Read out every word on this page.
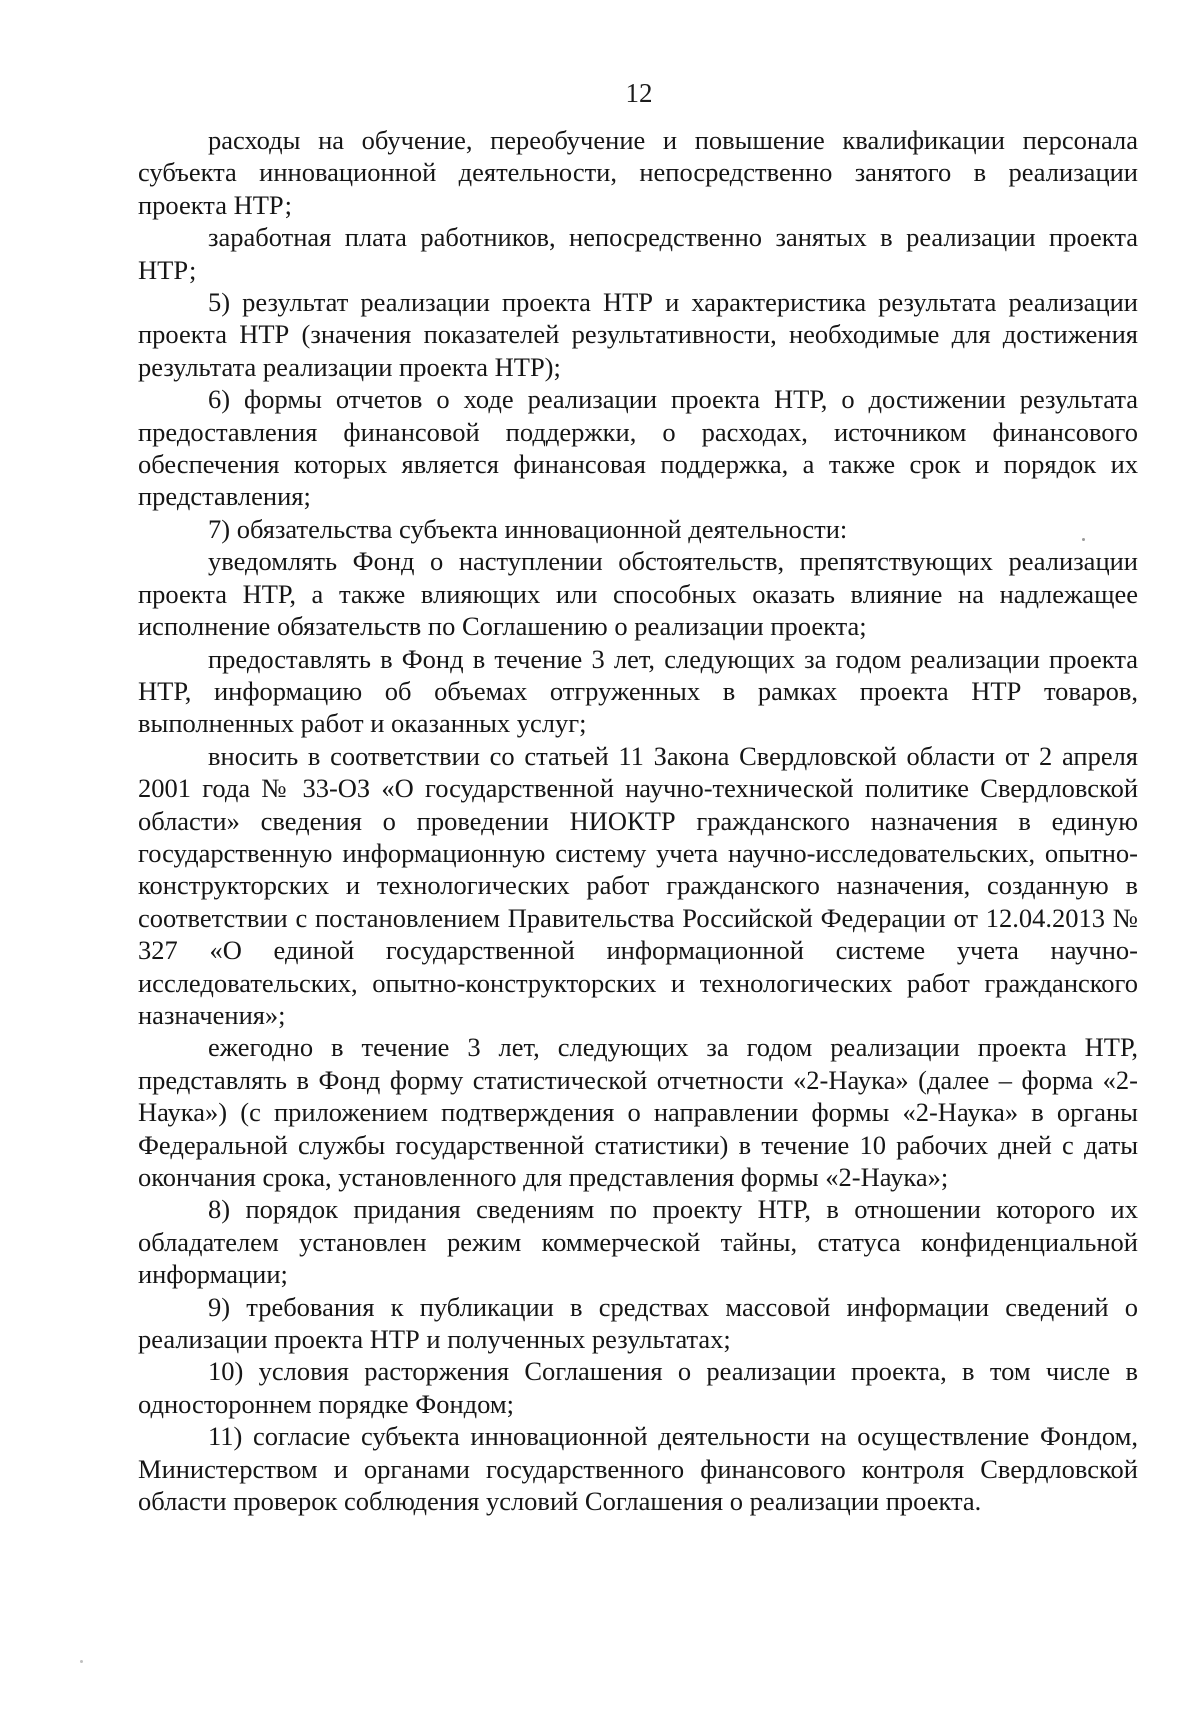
12

расходы на обучение, переобучение и повышение квалификации персонала субъекта инновационной деятельности, непосредственно занятого в реализации проекта НТР;

заработная плата работников, непосредственно занятых в реализации проекта НТР;

5) результат реализации проекта НТР и характеристика результата реализации проекта НТР (значения показателей результативности, необходимые для достижения результата реализации проекта НТР);

6) формы отчетов о ходе реализации проекта НТР, о достижении результата предоставления финансовой поддержки, о расходах, источником финансового обеспечения которых является финансовая поддержка, а также срок и порядок их представления;

7) обязательства субъекта инновационной деятельности:

уведомлять Фонд о наступлении обстоятельств, препятствующих реализации проекта НТР, а также влияющих или способных оказать влияние на надлежащее исполнение обязательств по Соглашению о реализации проекта;

предоставлять в Фонд в течение 3 лет, следующих за годом реализации проекта НТР, информацию об объемах отгруженных в рамках проекта НТР товаров, выполненных работ и оказанных услуг;

вносить в соответствии со статьей 11 Закона Свердловской области от 2 апреля 2001 года № 33-ОЗ «О государственной научно-технической политике Свердловской области» сведения о проведении НИОКТР гражданского назначения в единую государственную информационную систему учета научно-исследовательских, опытно-конструкторских и технологических работ гражданского назначения, созданную в соответствии с постановлением Правительства Российской Федерации от 12.04.2013 № 327 «О единой государственной информационной системе учета научно-исследовательских, опытно-конструкторских и технологических работ гражданского назначения»;

ежегодно в течение 3 лет, следующих за годом реализации проекта НТР, представлять в Фонд форму статистической отчетности «2-Наука» (далее – форма «2-Наука») (с приложением подтверждения о направлении формы «2-Наука» в органы Федеральной службы государственной статистики) в течение 10 рабочих дней с даты окончания срока, установленного для представления формы «2-Наука»;

8) порядок придания сведениям по проекту НТР, в отношении которого их обладателем установлен режим коммерческой тайны, статуса конфиденциальной информации;

9) требования к публикации в средствах массовой информации сведений о реализации проекта НТР и полученных результатах;

10) условия расторжения Соглашения о реализации проекта, в том числе в одностороннем порядке Фондом;

11) согласие субъекта инновационной деятельности на осуществление Фондом, Министерством и органами государственного финансового контроля Свердловской области проверок соблюдения условий Соглашения о реализации проекта.
